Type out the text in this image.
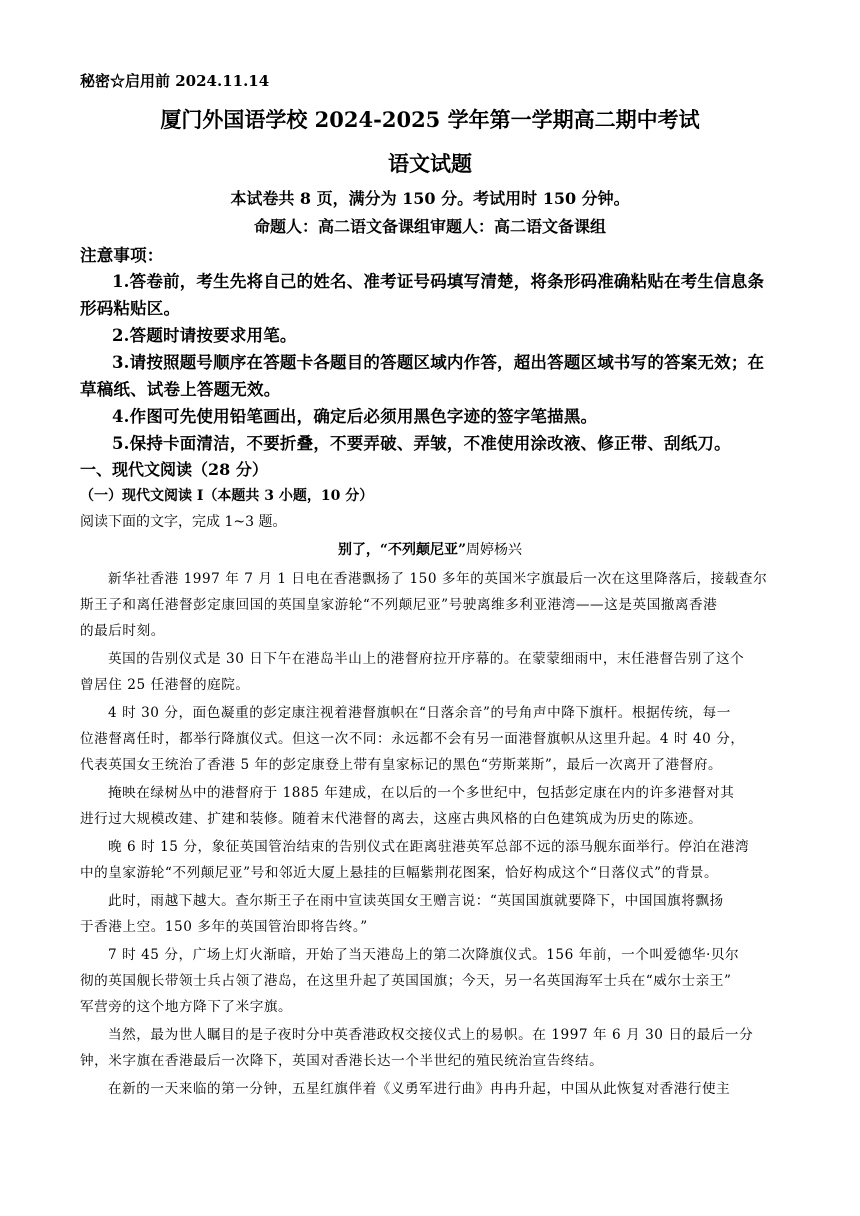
秘密☆启用前 2024.11.14
厦门外国语学校 2024-2025 学年第一学期高二期中考试
语文试题
本试卷共 8 页，满分为 150 分。考试用时 150 分钟。
命题人：高二语文备课组审题人：高二语文备课组
注意事项：
1.答卷前，考生先将自己的姓名、准考证号码填写清楚，将条形码准确粘贴在考生信息条
形码粘贴区。
2.答题时请按要求用笔。
3.请按照题号顺序在答题卡各题目的答题区域内作答，超出答题区域书写的答案无效；在
草稿纸、试卷上答题无效。
4.作图可先使用铅笔画出，确定后必须用黑色字迹的签字笔描黑。
5.保持卡面清洁，不要折叠，不要弄破、弄皱，不准使用涂改液、修正带、刮纸刀。
一、现代文阅读（28 分）
（一）现代文阅读 I（本题共 3 小题，10 分）
阅读下面的文字，完成 1~3 题。
别了，“不列颠尼亚”周婷杨兴
新华社香港 1997 年 7 月 1 日电在香港飘扬了 150 多年的英国米字旗最后一次在这里降落后，接载查尔
斯王子和离任港督彭定康回国的英国皇家游轮“不列颠尼亚”号驶离维多利亚港湾——这是英国撤离香港
的最后时刻。
英国的告别仪式是 30 日下午在港岛半山上的港督府拉开序幕的。在蒙蒙细雨中，末任港督告别了这个
曾居住 25 任港督的庭院。
4 时 30 分，面色凝重的彭定康注视着港督旗帜在“日落余音”的号角声中降下旗杆。根据传统，每一
位港督离任时，都举行降旗仪式。但这一次不同：永远都不会有另一面港督旗帜从这里升起。4 时 40 分，
代表英国女王统治了香港 5 年的彭定康登上带有皇家标记的黑色“劳斯莱斯”，最后一次离开了港督府。
掩映在绿树丛中的港督府于 1885 年建成，在以后的一个多世纪中，包括彭定康在内的许多港督对其
进行过大规模改建、扩建和装修。随着末代港督的离去，这座古典风格的白色建筑成为历史的陈迹。
晚 6 时 15 分，象征英国管治结束的告别仪式在距离驻港英军总部不远的添马舰东面举行。停泊在港湾
中的皇家游轮“不列颠尼亚”号和邻近大厦上悬挂的巨幅紫荆花图案，恰好构成这个“日落仪式”的背景。
此时，雨越下越大。查尔斯王子在雨中宣读英国女王赠言说：“英国国旗就要降下，中国国旗将飘扬
于香港上空。150 多年的英国管治即将告终。”
7 时 45 分，广场上灯火渐暗，开始了当天港岛上的第二次降旗仪式。156 年前，一个叫爱德华·贝尔
彻的英国舰长带领士兵占领了港岛，在这里升起了英国国旗；今天，另一名英国海军士兵在“威尔士亲王”
军营旁的这个地方降下了米字旗。
当然，最为世人瞩目的是子夜时分中英香港政权交接仪式上的易帜。在 1997 年 6 月 30 日的最后一分
钟，米字旗在香港最后一次降下，英国对香港长达一个半世纪的殖民统治宣告终结。
在新的一天来临的第一分钟，五星红旗伴着《义勇军进行曲》冉冉升起，中国从此恢复对香港行使主
